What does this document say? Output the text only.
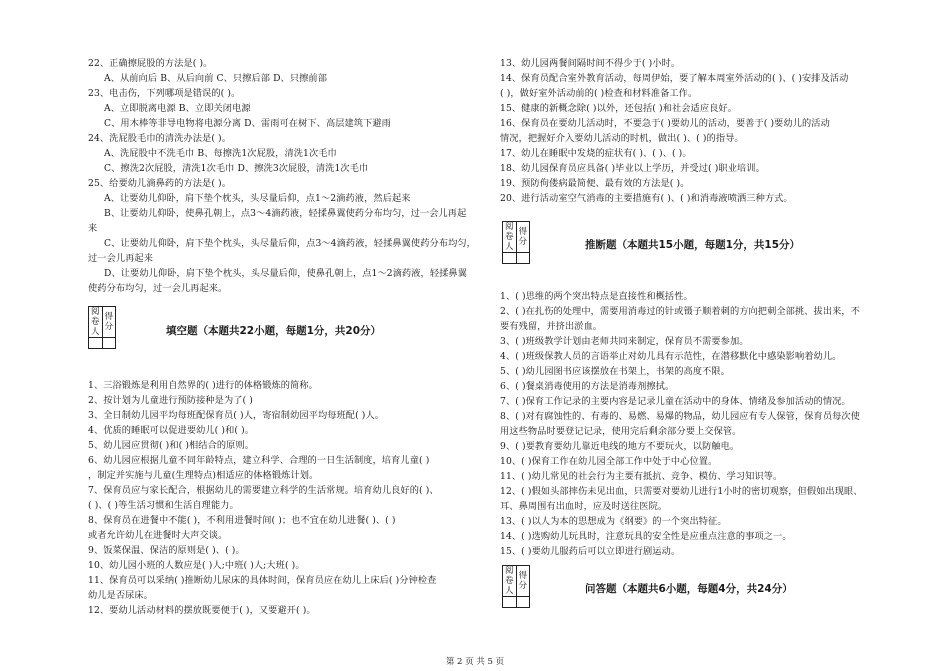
22、正确擦屁股的方法是( )。
A、从前向后 B、从后向前 C、只擦后部 D、只擦前部
23、电击伤，下列哪项是错误的( )。
A、立即脱离电源 B、立即关闭电源
C、用木棒等非导电物将电源分离 D、雷雨可在树下、高层建筑下避雨
24、洗屁股毛巾的清洗办法是( )。
A、洗屁股中不洗毛巾 B、每擦洗1次屁股，清洗1次毛巾
C、擦洗2次屁股，清洗1次毛巾 D、擦洗3次屁股，清洗1次毛巾
25、给要幼儿滴鼻药的方法是( )。
A、让要幼儿仰卧，肩下垫个枕头，头尽量后仰，点1～2滴药液，然后起来
B、让要幼儿仰卧，使鼻孔朝上，点3～4滴药液，轻揉鼻翼使药分布均匀，过一会儿再起
来
C、让要幼儿仰卧，肩下垫个枕头，头尽量后仰，点3～4滴药液，轻揉鼻翼使药分布均匀，
过一会儿再起来
D、让要幼儿仰卧，肩下垫个枕头，头尽量后仰，使鼻孔朝上，点1～2滴药液，轻揉鼻翼
使药分布均匀，过一会儿再起来。
阅卷人	得分
		填空题（本题共22小题，每题1分，共20分）
1、三浴锻炼是利用自然界的( )进行的体格锻炼的简称。
2、按计划为儿童进行预防接种是为了( )
3、全日制幼儿园平均每班配保育员( )人，寄宿制幼园平均每班配( )人。
4、优质的睡眠可以促进要幼儿( )和( )。
5、幼儿园应贯彻( )和( )相结合的原则。
6、幼儿园应根据儿童不同年龄特点，建立科学、合理的一日生活制度，培育儿童( )
，制定并实施与儿童(生理特点)相适应的体格锻炼计划。
7、保育员应与家长配合，根据幼儿的需要建立科学的生活常规。培育幼儿良好的( )、
( )、( )等生活习惯和生活自理能力。
8、保育员在进餐中不能( )，不利用进餐时间( )；也不宜在幼儿进餐( )、( )
或者允许幼儿在进餐时大声交谈。
9、饭菜保温、保洁的原则是( )、( )。
10、幼儿园小班的人数应是( )人;中班( )人;大班( )。
11、保育员可以采纳( )推断幼儿尿床的具体时间，保育员应在幼儿上床后( )分钟检查
幼儿是否尿床。
12、要幼儿活动材料的摆放既要便于( )，又要避开( )。
13、幼儿园两餐间隔时间不得少于( )小时。
14、保育员配合室外教育活动，每周伊始，要了解本周室外活动的( )、( )安排及活动
( )，做好室外活动前的( )检查和材料准备工作。
15、健康的新概念除( )以外，还包括( )和社会适应良好。
16、保育员在要幼儿活动时，不要急于( )要幼儿的活动，要善于( )要幼儿的活动
情况，把握好介入要幼儿活动的时机，做出( )、( )的指导。
17、幼儿在睡眠中发烧的症状有( )、( )、( )。
18、幼儿园保育员应具备( )毕业以上学历，并受过( )职业培训。
19、预防佝偻病最简便、最有效的方法是( )。
20、进行活动室空气消毒的主要措施有( )、( )和消毒液喷洒三种方式。
阅卷人	得分
		推断题（本题共15小题，每题1分，共15分）
1、( )思维的两个突出特点是直接性和概括性。
2、( )在扎伤的处理中，需要用消毒过的针或镊子顺着刺的方向把刺全部挑、拔出来，不
要有残留，并挤出淤血。
3、( )班级教学计划由老师共同来制定，保育员不需要参加。
4、( )班级保教人员的言语举止对幼儿具有示范性，在潜移默化中感染影响着幼儿。
5、( )幼儿园图书应该摆放在书架上，书架的高度不限。
6、( )餐桌消毒使用的方法是消毒剂擦拭。
7、( )保育工作记录的主要内容是记录儿童在活动中的身体、情绪及参加活动的情况。
8、( )对有腐蚀性的、有毒的、易燃、易爆的物品，幼儿园应有专人保管，保育员每次使
用这些物品时要登记记录，使用完后剩余部分要上交保管。
9、( )要教育要幼儿靠近电线的地方不要玩火，以防触电。
10、( )保育工作在幼儿园全部工作中处于中心位置。
11、( )幼儿常见的社会行为主要有抵抗、竞争、模仿、学习知识等。
12、( )假如头部摔伤未见出血，只需要对要幼儿进行1小时的密切观察，但假如出现眼、
耳、鼻周围有出血时，应及时送往医院。
13、( )以人为本的思想成为《纲要》的一个突出特征。
14、( )选购幼儿玩具时，注意玩具的安全性是应重点注意的事项之一。
15、( )要幼儿服药后可以立即进行剧运动。
阅卷人	得分
		问答题（本题共6小题，每题4分，共24分）
第 2 页 共 5 页
